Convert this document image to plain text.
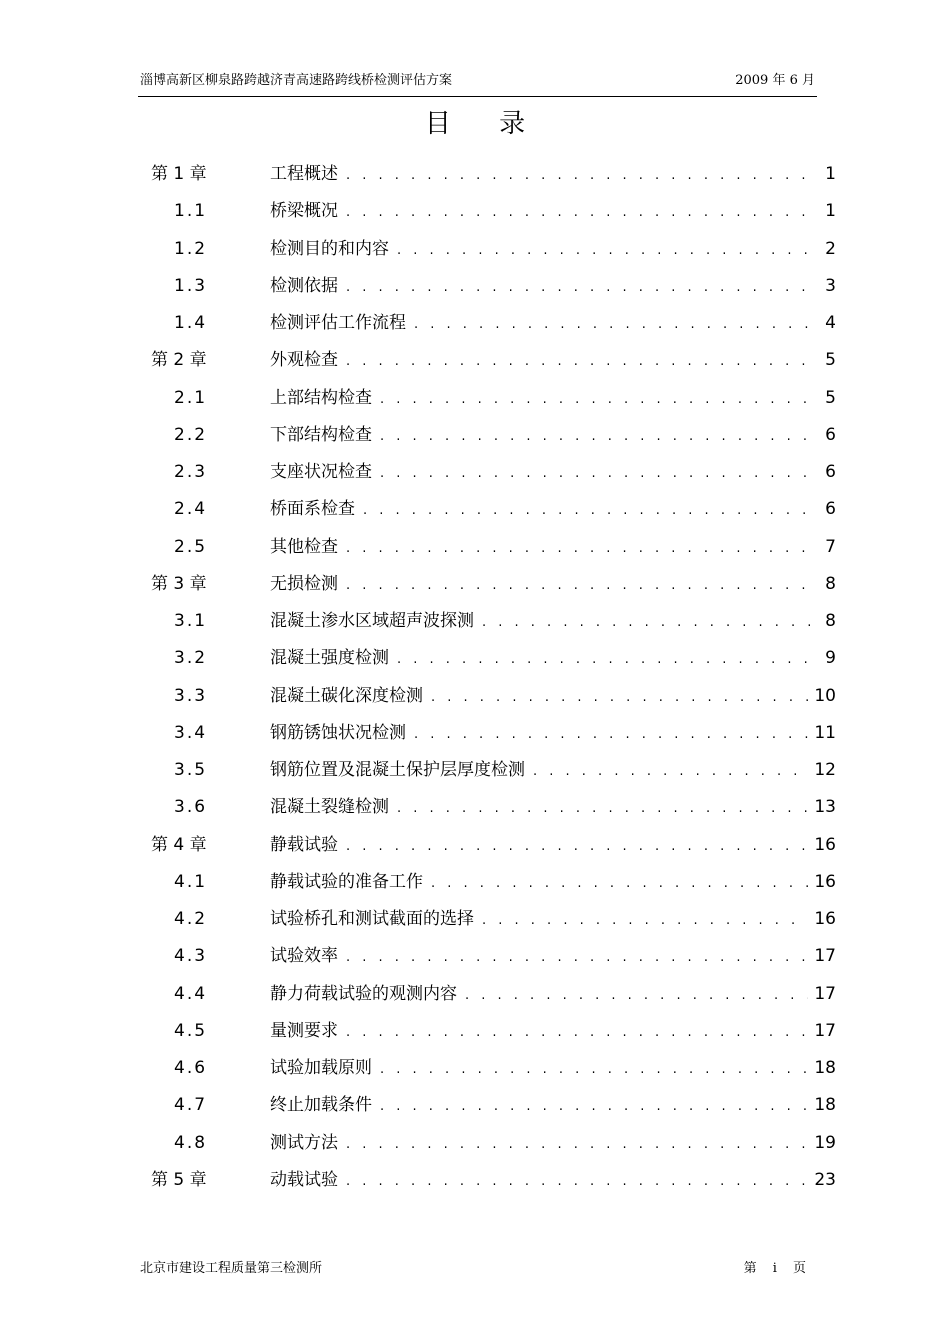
淄博高新区柳泉路跨越济青高速路跨线桥检测评估方案	2009 年 6 月
目 录
第 1 章	工程概述 . . .	1
1.1	桥梁概况 . . .	1
1.2	检测目的和内容 . . .	2
1.3	检测依据 . . .	3
1.4	检测评估工作流程 . . .	4
第 2 章	外观检查 . . .	5
2.1	上部结构检查 . . .	5
2.2	下部结构检查 . . .	6
2.3	支座状况检查 . . .	6
2.4	桥面系检查 . . .	6
2.5	其他检查 . . .	7
第 3 章	无损检测 . . .	8
3.1	混凝土渗水区域超声波探测 . . .	8
3.2	混凝土强度检测 . . .	9
3.3	混凝土碳化深度检测 . . .	10
3.4	钢筋锈蚀状况检测 . . .	11
3.5	钢筋位置及混凝土保护层厚度检测 . . .	12
3.6	混凝土裂缝检测 . . .	13
第 4 章	静载试验 . . .	16
4.1	静载试验的准备工作 . . .	16
4.2	试验桥孔和测试截面的选择 . . .	16
4.3	试验效率 . . .	17
4.4	静力荷载试验的观测内容 . . .	17
4.5	量测要求 . . .	17
4.6	试验加载原则 . . .	18
4.7	终止加载条件 . . .	18
4.8	测试方法 . . .	19
第 5 章	动载试验 . . .	23
北京市建设工程质量第三检测所	第 i 页
